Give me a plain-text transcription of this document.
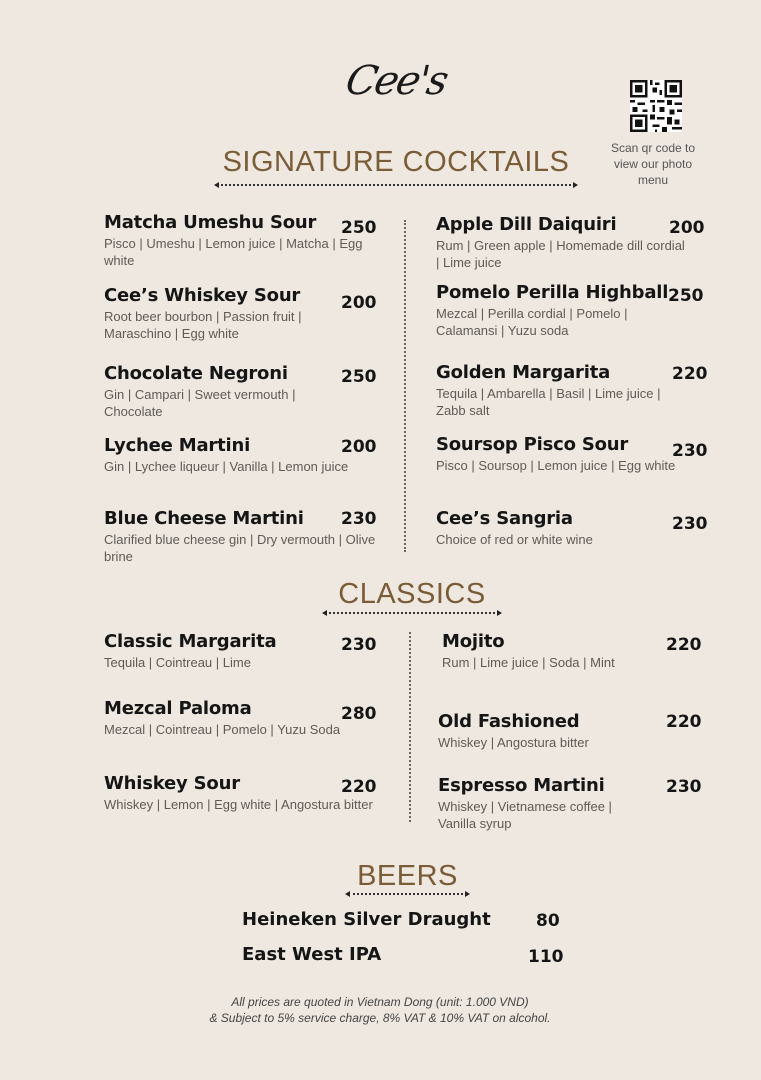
Cee's
Scan qr code to view our photo menu
SIGNATURE COCKTAILS
Matcha Umeshu Sour
Pisco | Umeshu | Lemon juice | Matcha | Egg white
250
Cee’s Whiskey Sour
Root beer bourbon | Passion fruit | Maraschino | Egg white
200
Chocolate Negroni
Gin | Campari | Sweet vermouth | Chocolate
250
Lychee Martini
Gin | Lychee liqueur | Vanilla | Lemon juice
200
Blue Cheese Martini
Clarified blue cheese gin | Dry vermouth | Olive brine
230
Apple Dill Daiquiri
Rum | Green apple | Homemade dill cordial | Lime juice
200
Pomelo Perilla Highball
Mezcal | Perilla cordial | Pomelo | Calamansi | Yuzu soda
250
Golden Margarita
Tequila | Ambarella | Basil | Lime juice | Zabb salt
220
Soursop Pisco Sour
Pisco | Soursop | Lemon juice | Egg white
230
Cee’s Sangria
Choice of red or white wine
230
CLASSICS
Classic Margarita
Tequila | Cointreau | Lime
230
Mezcal Paloma
Mezcal | Cointreau | Pomelo | Yuzu Soda
280
Whiskey Sour
Whiskey | Lemon | Egg white | Angostura bitter
220
Mojito
Rum | Lime juice | Soda | Mint
220
Old Fashioned
Whiskey | Angostura bitter
220
Espresso Martini
Whiskey | Vietnamese coffee | Vanilla syrup
230
BEERS
Heineken Silver Draught	80
East West IPA	110
All prices are quoted in Vietnam Dong (unit: 1.000 VND)
& Subject to 5% service charge, 8% VAT & 10% VAT on alcohol.
